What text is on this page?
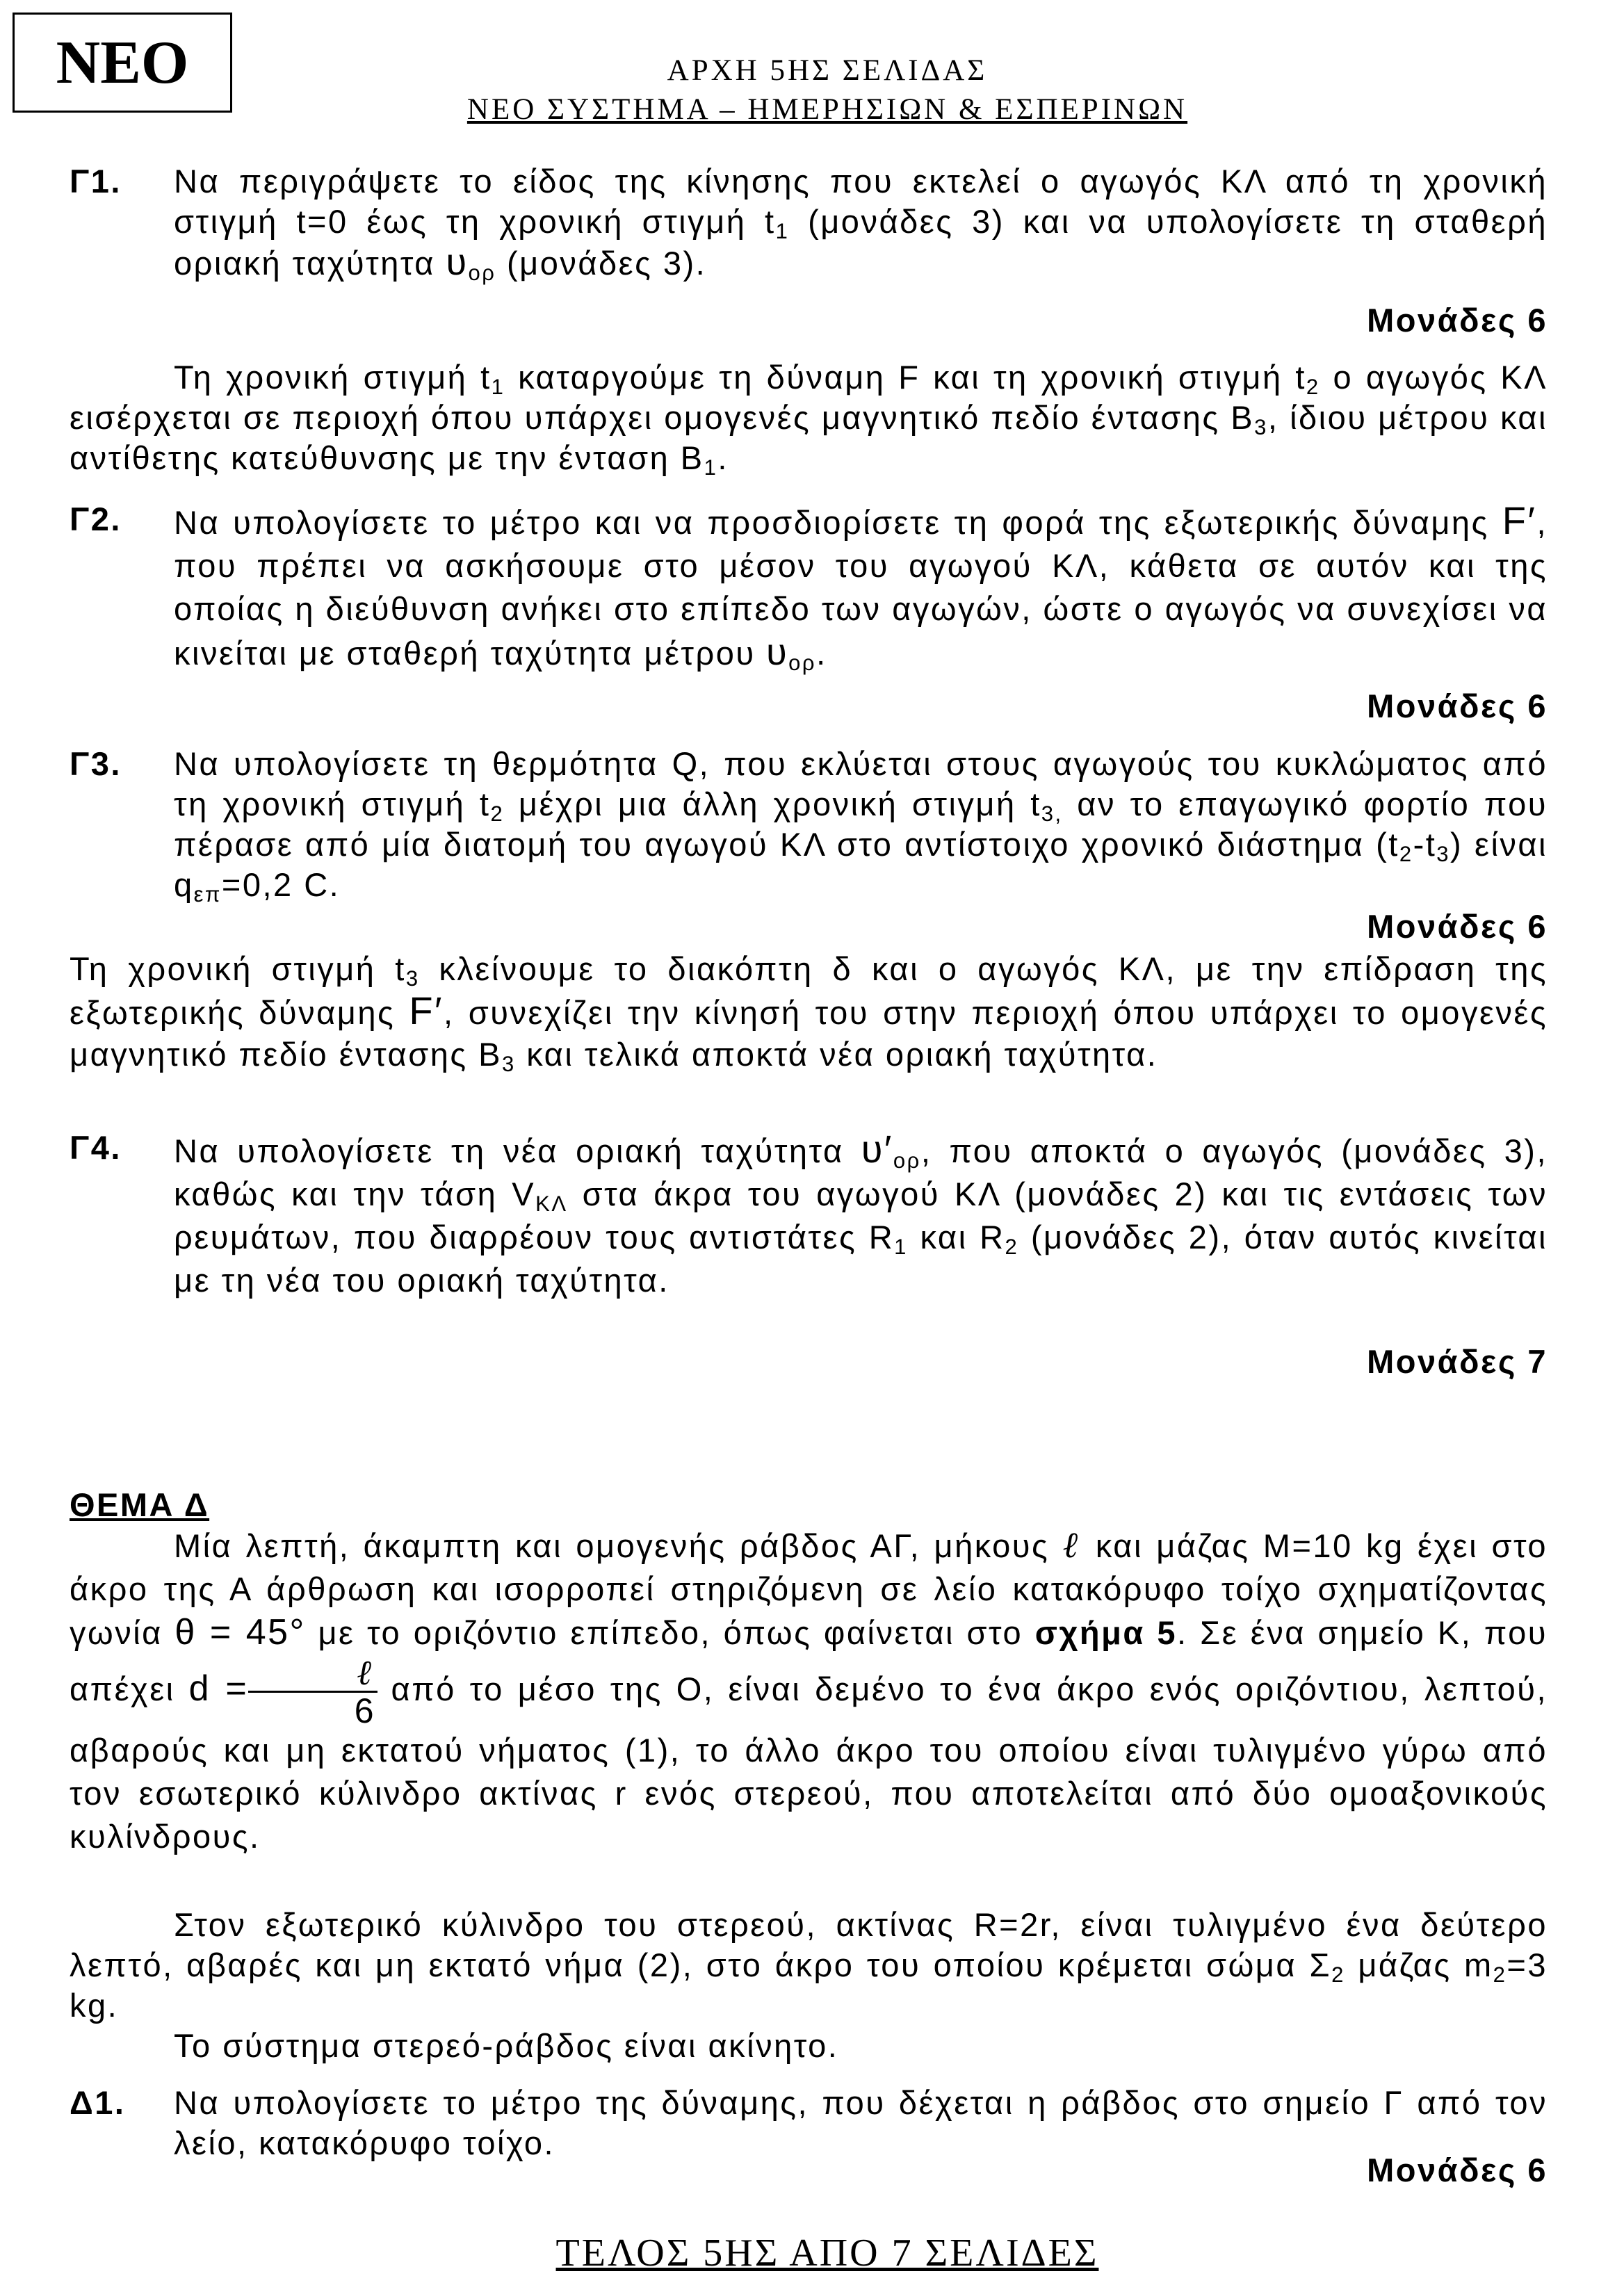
ΝΕΟ	ΑΡΧΗ 5ΗΣ ΣΕΛΙΔΑΣ
ΝΕΟ ΣΥΣΤΗΜΑ – ΗΜΕΡΗΣΙΩΝ & ΕΣΠΕΡΙΝΩΝ
Γ1. Να περιγράψετε το είδος της κίνησης που εκτελεί ο αγωγός ΚΛ από τη χρονική στιγμή t=0 έως τη χρονική στιγμή $t_1$ (μονάδες 3) και να υπολογίσετε τη σταθερή οριακή ταχύτητα $\upsilon_{o\rho}$ (μονάδες 3).
Μονάδες 6
Τη χρονική στιγμή $t_1$ καταργούμε τη δύναμη F και τη χρονική στιγμή $t_2$ ο αγωγός ΚΛ εισέρχεται σε περιοχή όπου υπάρχει ομογενές μαγνητικό πεδίο έντασης $B_3$, ίδιου μέτρου και αντίθετης κατεύθυνσης με την ένταση $B_1$.
Γ2. Να υπολογίσετε το μέτρο και να προσδιορίσετε τη φορά της εξωτερικής δύναμης F′, που πρέπει να ασκήσουμε στο μέσον του αγωγού ΚΛ, κάθετα σε αυτόν και της οποίας η διεύθυνση ανήκει στο επίπεδο των αγωγών, ώστε ο αγωγός να συνεχίσει να κινείται με σταθερή ταχύτητα μέτρου $\upsilon_{o\rho}$.
Μονάδες 6
Γ3. Να υπολογίσετε τη θερμότητα Q, που εκλύεται στους αγωγούς του κυκλώματος από τη χρονική στιγμή $t_2$ μέχρι μια άλλη χρονική στιγμή $t_{3,}$ αν το επαγωγικό φορτίο που πέρασε από μία διατομή του αγωγού ΚΛ στο αντίστοιχο χρονικό διάστημα $(t_2-t_3)$ είναι $q_{\varepsilon\pi}=0,2$ C.
Μονάδες 6
Τη χρονική στιγμή $t_3$ κλείνουμε το διακόπτη δ και ο αγωγός ΚΛ, με την επίδραση της εξωτερικής δύναμης F′, συνεχίζει την κίνησή του στην περιοχή όπου υπάρχει το ομογενές μαγνητικό πεδίο έντασης $B_3$ και τελικά αποκτά νέα οριακή ταχύτητα.
Γ4. Να υπολογίσετε τη νέα οριακή ταχύτητα $\upsilon'_{o\rho}$, που αποκτά ο αγωγός (μονάδες 3), καθώς και την τάση $V_{K\Lambda}$ στα άκρα του αγωγού ΚΛ (μονάδες 2) και τις εντάσεις των ρευμάτων, που διαρρέουν τους αντιστάτες $R_1$ και $R_2$ (μονάδες 2), όταν αυτός κινείται με τη νέα του οριακή ταχύτητα.
Μονάδες 7
ΘΕΜΑ Δ
Μία λεπτή, άκαμπτη και ομογενής ράβδος ΑΓ, μήκους ℓ και μάζας Μ=10 kg έχει στο άκρο της Α άρθρωση και ισορροπεί στηριζόμενη σε λείο κατακόρυφο τοίχο σχηματίζοντας γωνία θ = 45° με το οριζόντιο επίπεδο, όπως φαίνεται στο σχήμα 5. Σε ένα σημείο Κ, που απέχει $d = \frac{\text{ℓ}}{6}$ από το μέσο της Ο, είναι δεμένο το ένα άκρο ενός οριζόντιου, λεπτού, αβαρούς και μη εκτατού νήματος (1), το άλλο άκρο του οποίου είναι τυλιγμένο γύρω από τον εσωτερικό κύλινδρο ακτίνας r ενός στερεού, που αποτελείται από δύο ομοαξονικούς κυλίνδρους.
Στον εξωτερικό κύλινδρο του στερεού, ακτίνας R=2r, είναι τυλιγμένο ένα δεύτερο λεπτό, αβαρές και μη εκτατό νήμα (2), στο άκρο του οποίου κρέμεται σώμα $\Sigma_2$ μάζας $m_2=3$ kg.
Το σύστημα στερεό-ράβδος είναι ακίνητο.
Δ1. Να υπολογίσετε το μέτρο της δύναμης, που δέχεται η ράβδος στο σημείο Γ από τον λείο, κατακόρυφο τοίχο.
Μονάδες 6
ΤΕΛΟΣ 5ΗΣ ΑΠΟ 7 ΣΕΛΙΔΕΣ
